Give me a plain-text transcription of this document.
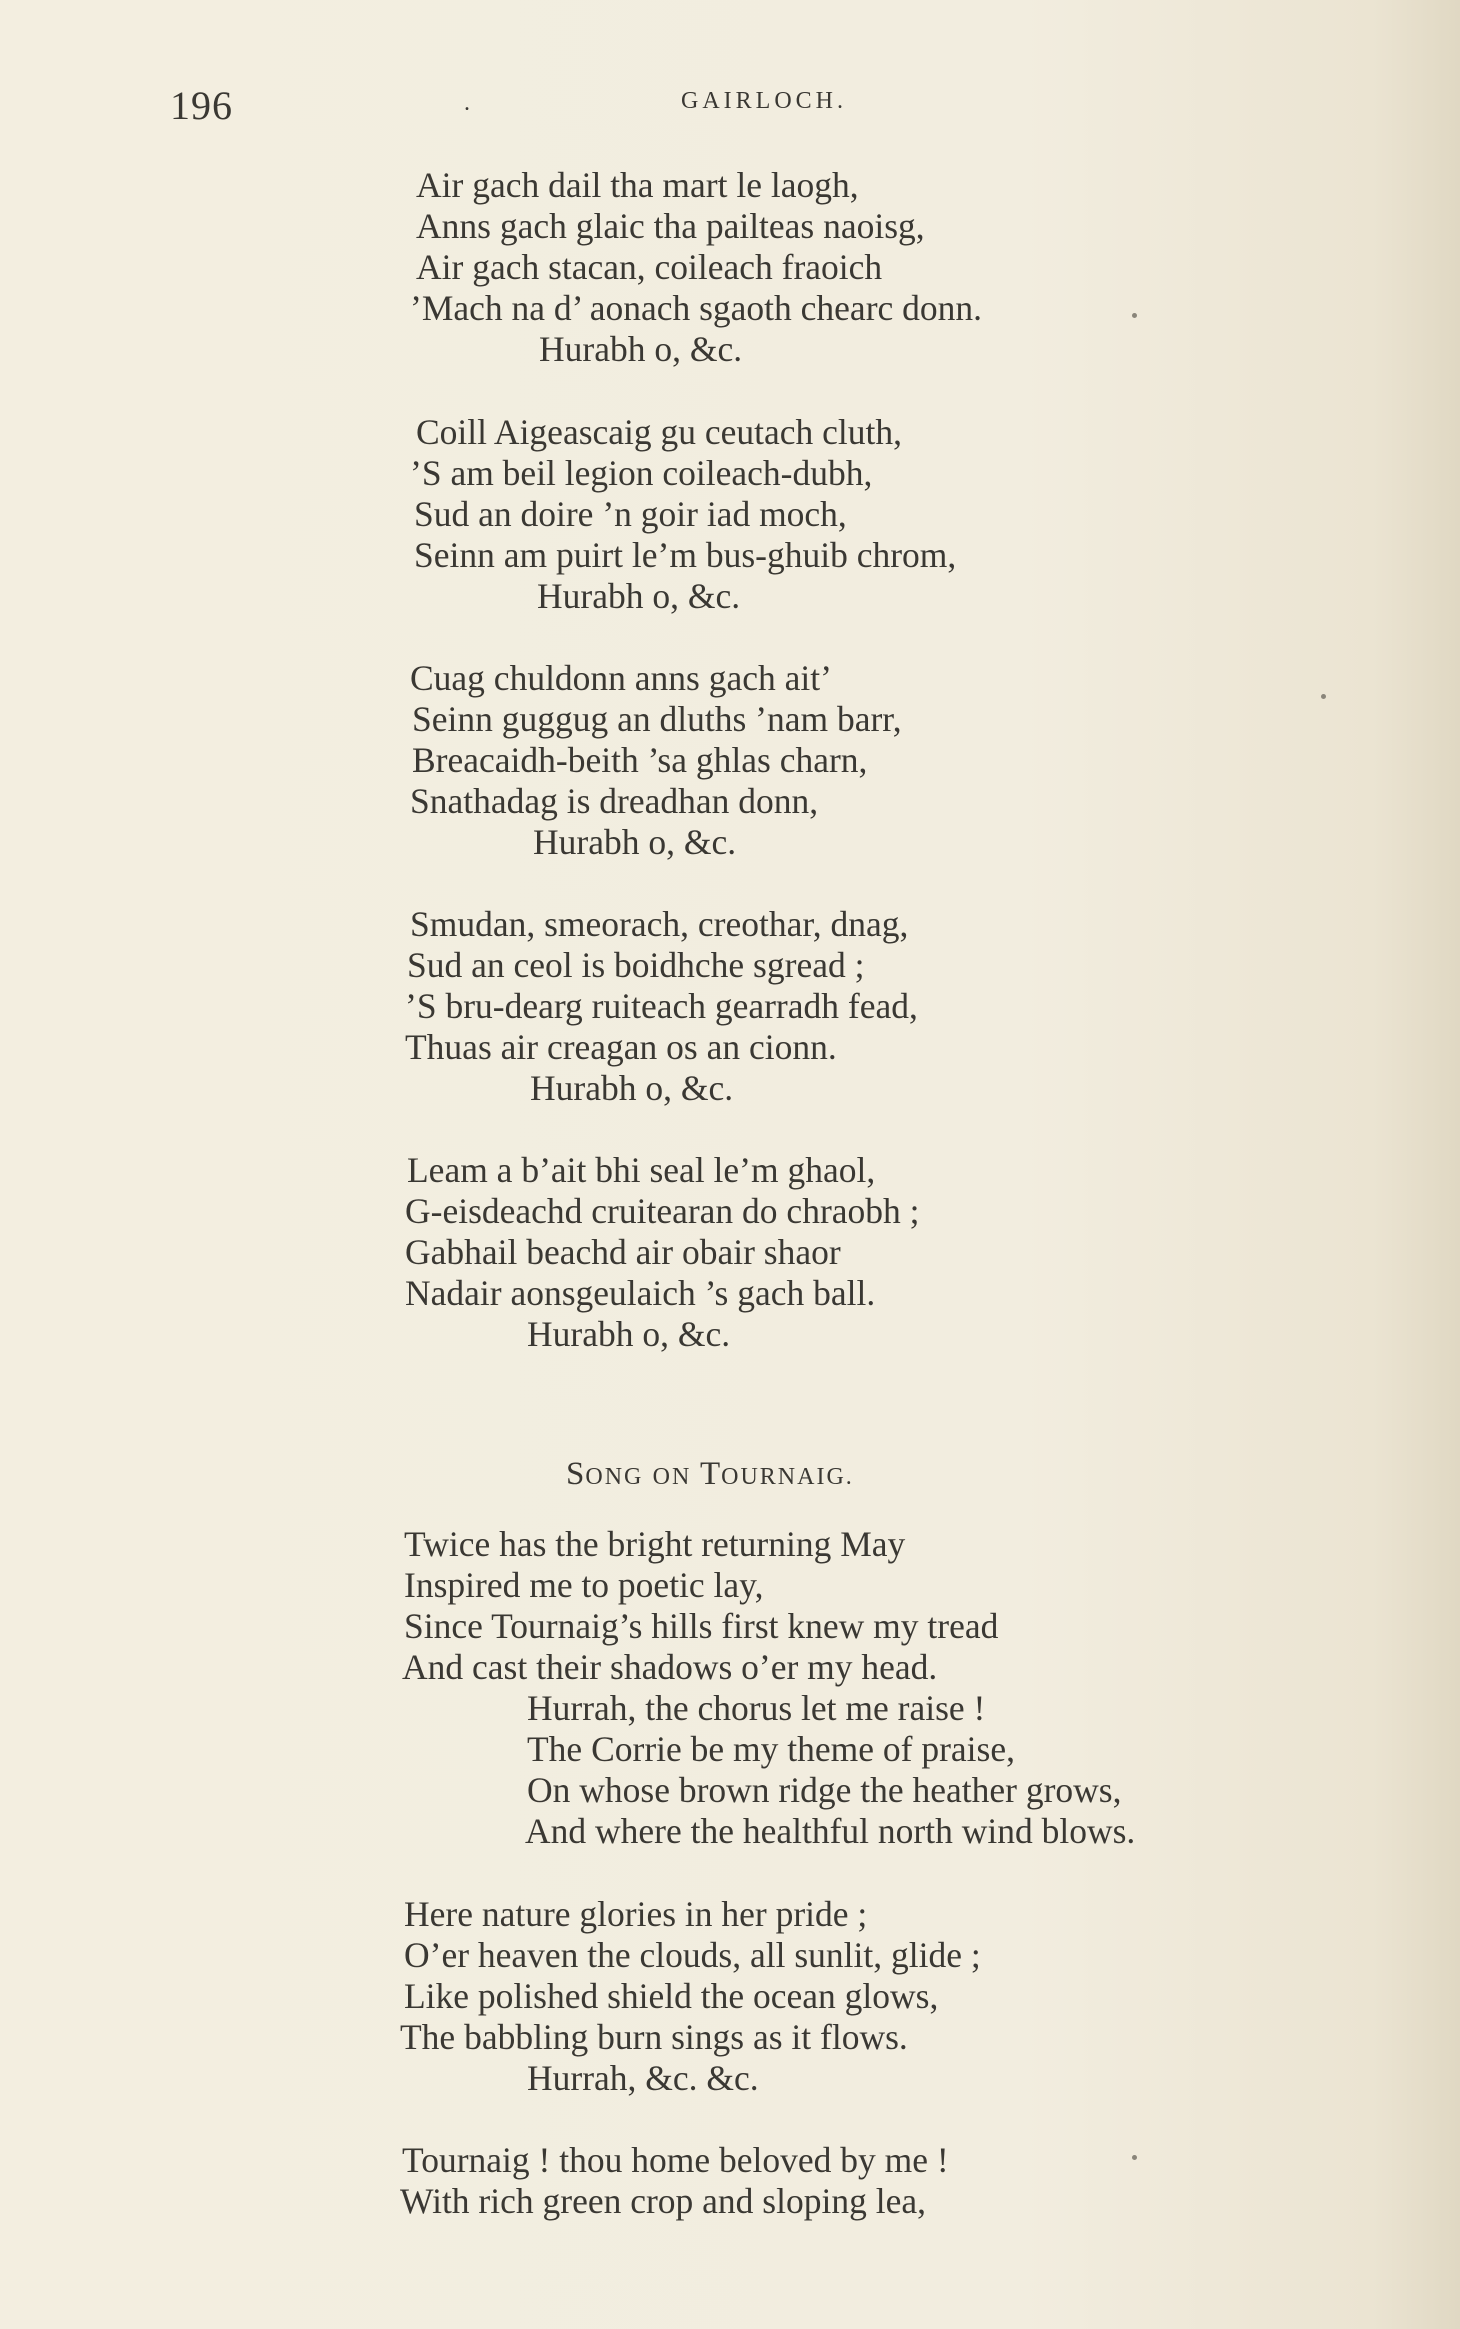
196	.	GAIRLOCH.
Air gach dail tha mart le laogh,
Anns gach glaic tha pailteas naoisg,
Air gach stacan, coileach fraoich
’Mach na d’ aonach sgaoth chearc donn.
Hurabh o, &c.
Coill Aigeascaig gu ceutach cluth,
’S am beil legion coileach-dubh,
Sud an doire ’n goir iad moch,
Seinn am puirt le’m bus-ghuib chrom,
Hurabh o, &c.
Cuag chuldonn anns gach ait’
Seinn guggug an dluths ’nam barr,
Breacaidh-beith ’sa ghlas charn,
Snathadag is dreadhan donn,
Hurabh o, &c.
Smudan, smeorach, creothar, dnag,
Sud an ceol is boidhche sgread ;
’S bru-dearg ruiteach gearradh fead,
Thuas air creagan os an cionn.
Hurabh o, &c.
Leam a b’ait bhi seal le’m ghaol,
G-eisdeachd cruitearan do chraobh ;
Gabhail beachd air obair shaor
Nadair aonsgeulaich ’s gach ball.
Hurabh o, &c.
SONG ON TOURNAIG.
Twice has the bright returning May
Inspired me to poetic lay,
Since Tournaig’s hills first knew my tread
And cast their shadows o’er my head.
Hurrah, the chorus let me raise !
The Corrie be my theme of praise,
On whose brown ridge the heather grows,
And where the healthful north wind blows.
Here nature glories in her pride ;
O’er heaven the clouds, all sunlit, glide ;
Like polished shield the ocean glows,
The babbling burn sings as it flows.
Hurrah, &c. &c.
Tournaig ! thou home beloved by me !
With rich green crop and sloping lea,
